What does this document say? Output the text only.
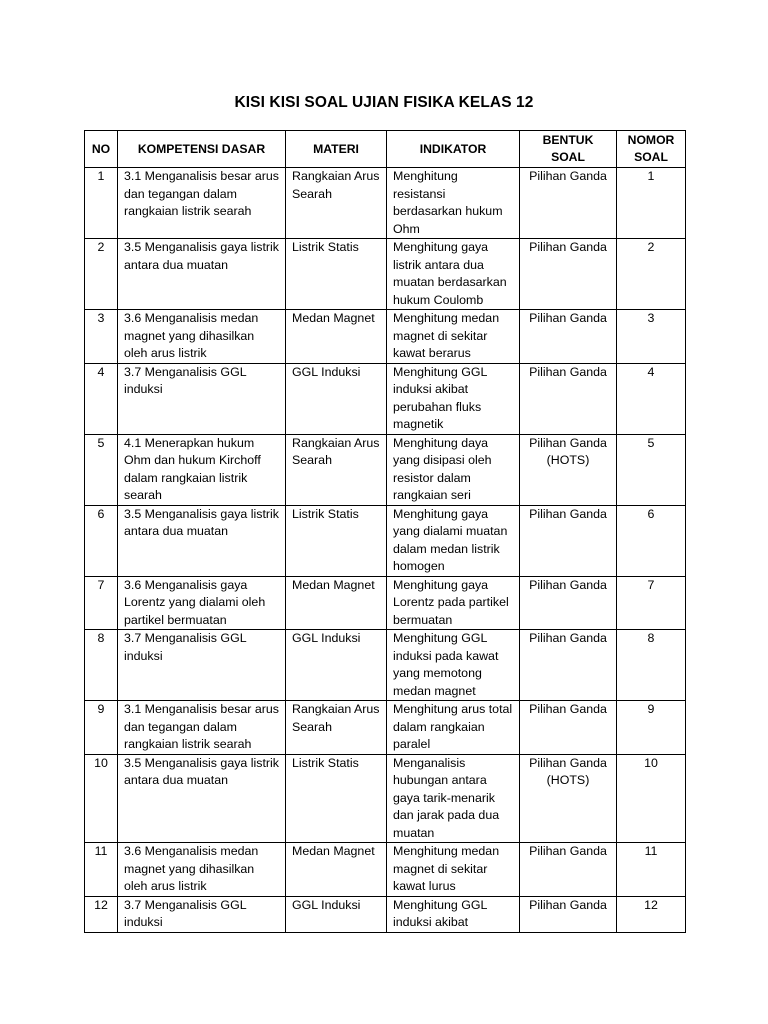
KISI KISI SOAL UJIAN FISIKA KELAS 12
NO	KOMPETENSI DASAR	MATERI	INDIKATOR	BENTUK SOAL	NOMOR SOAL
1	3.1 Menganalisis besar arus dan tegangan dalam rangkaian listrik searah	Rangkaian Arus Searah	Menghitung resistansi berdasarkan hukum Ohm	Pilihan Ganda	1
2	3.5 Menganalisis gaya listrik antara dua muatan	Listrik Statis	Menghitung gaya listrik antara dua muatan berdasarkan hukum Coulomb	Pilihan Ganda	2
3	3.6 Menganalisis medan magnet yang dihasilkan oleh arus listrik	Medan Magnet	Menghitung medan magnet di sekitar kawat berarus	Pilihan Ganda	3
4	3.7 Menganalisis GGL induksi	GGL Induksi	Menghitung GGL induksi akibat perubahan fluks magnetik	Pilihan Ganda	4
5	4.1 Menerapkan hukum Ohm dan hukum Kirchoff dalam rangkaian listrik searah	Rangkaian Arus Searah	Menghitung daya yang disipasi oleh resistor dalam rangkaian seri	Pilihan Ganda (HOTS)	5
6	3.5 Menganalisis gaya listrik antara dua muatan	Listrik Statis	Menghitung gaya yang dialami muatan dalam medan listrik homogen	Pilihan Ganda	6
7	3.6 Menganalisis gaya Lorentz yang dialami oleh partikel bermuatan	Medan Magnet	Menghitung gaya Lorentz pada partikel bermuatan	Pilihan Ganda	7
8	3.7 Menganalisis GGL induksi	GGL Induksi	Menghitung GGL induksi pada kawat yang memotong medan magnet	Pilihan Ganda	8
9	3.1 Menganalisis besar arus dan tegangan dalam rangkaian listrik searah	Rangkaian Arus Searah	Menghitung arus total dalam rangkaian paralel	Pilihan Ganda	9
10	3.5 Menganalisis gaya listrik antara dua muatan	Listrik Statis	Menganalisis hubungan antara gaya tarik-menarik dan jarak pada dua muatan	Pilihan Ganda (HOTS)	10
11	3.6 Menganalisis medan magnet yang dihasilkan oleh arus listrik	Medan Magnet	Menghitung medan magnet di sekitar kawat lurus	Pilihan Ganda	11
12	3.7 Menganalisis GGL induksi	GGL Induksi	Menghitung GGL induksi akibat	Pilihan Ganda	12
